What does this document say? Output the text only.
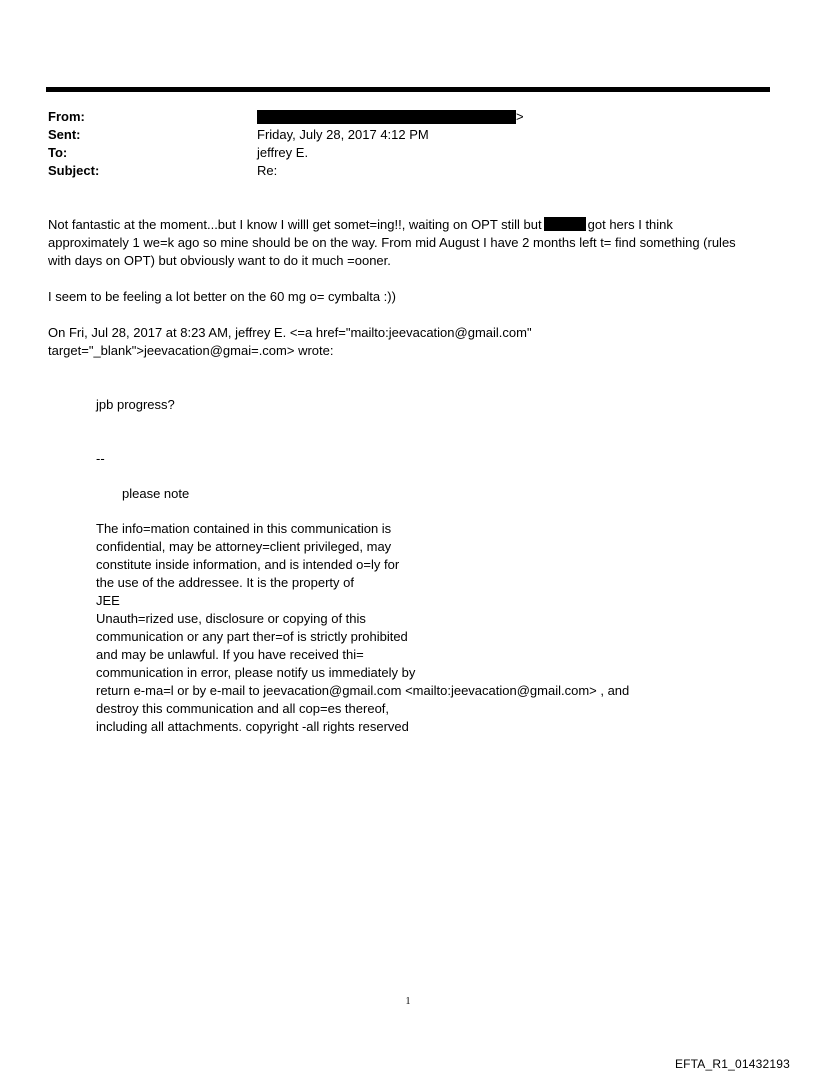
From:	>
Sent:	Friday, July 28, 2017 4:12 PM
To:	jeffrey E.
Subject:	Re:
Not fantastic at the moment...but I know I willl get somet=ing!!, waiting on OPT still but	got hers I think
approximately 1 we=k ago so mine should be on the way. From mid August I have 2 months left t= find something (rules
with days on OPT) but obviously want to do it much =ooner.
I seem to be feeling a lot better on the 60 mg o= cymbalta :))
On Fri, Jul 28, 2017 at 8:23 AM, jeffrey E. <=a href="mailto:jeevacation@gmail.com"
target="_blank">jeevacation@gmai=.com> wrote:
jpb progress?
--
please note
The info=mation contained in this communication is
confidential, may be attorney=client privileged, may
constitute inside information, and is intended o=ly for
the use of the addressee. It is the property of
JEE
Unauth=rized use, disclosure or copying of this
communication or any part ther=of is strictly prohibited
and may be unlawful. If you have received thi=
communication in error, please notify us immediately by
return e-ma=l or by e-mail to jeevacation@gmail.com <mailto:jeevacation@gmail.com> , and
destroy this communication and all cop=es thereof,
including all attachments. copyright -all rights reserved
1
EFTA_R1_01432193
